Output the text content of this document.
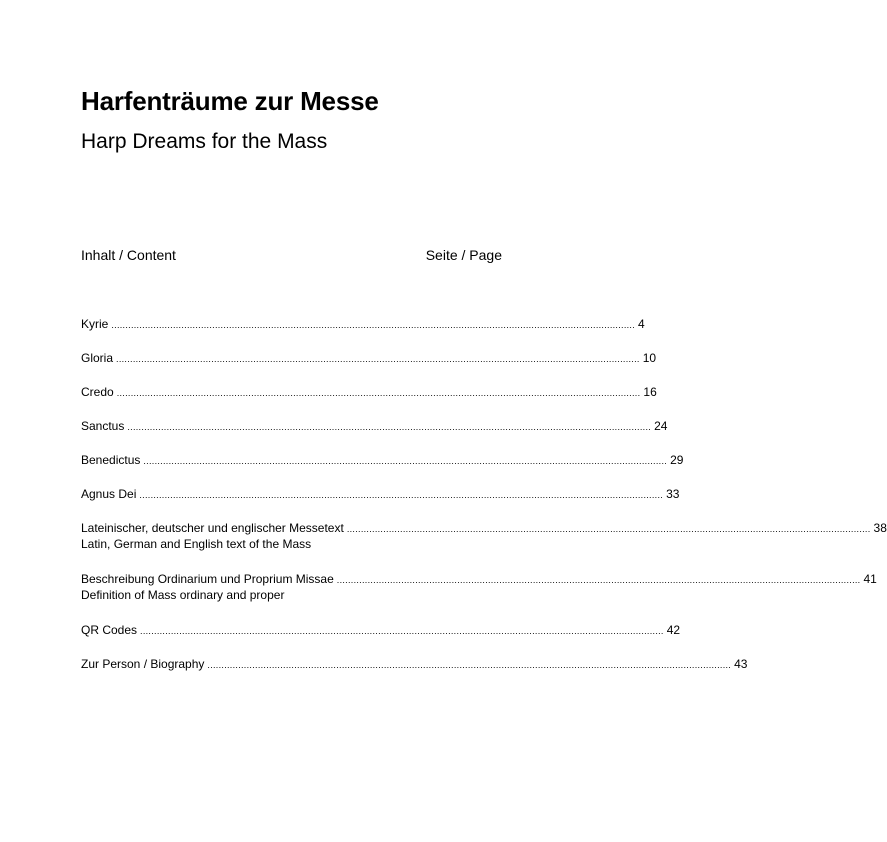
Harfenträume zur Messe
Harp Dreams for the Mass
Inhalt / Content	Seite / Page
Kyrie ........................................................................................................................................................................................... 4
Gloria ........................................................................................................................................................................................... 10
Credo ........................................................................................................................................................................................... 16
Sanctus ........................................................................................................................................................................................... 24
Benedictus ........................................................................................................................................................................................... 29
Agnus Dei ........................................................................................................................................................................................... 33
Lateinischer, deutscher und englischer Messetext ........................................................................................................................................................................................... 38
Latin, German and English text of the Mass
Beschreibung Ordinarium und Proprium Missae ........................................................................................................................................................................................... 41
Definition of Mass ordinary and proper
QR Codes ........................................................................................................................................................................................... 42
Zur Person / Biography ........................................................................................................................................................................................... 43
